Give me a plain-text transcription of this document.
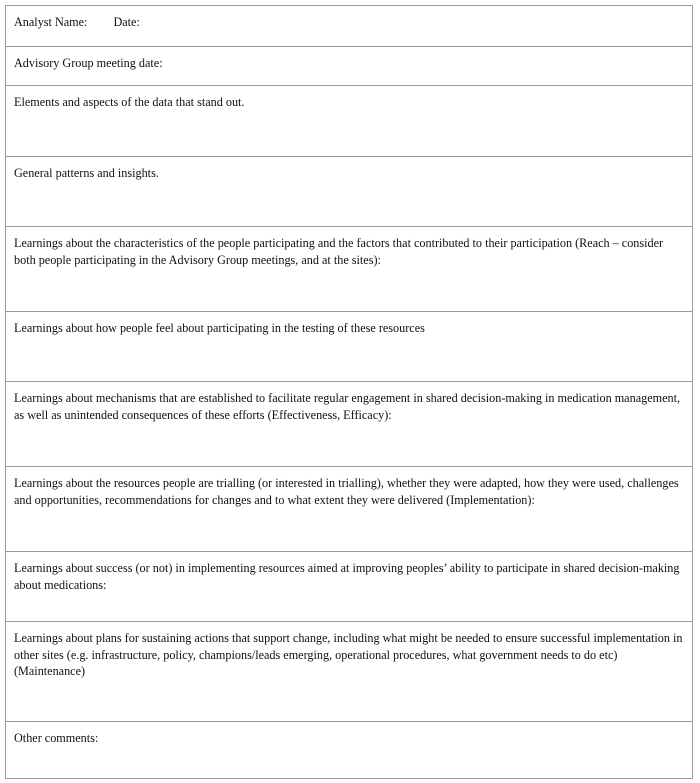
Analyst Name: Date:
Advisory Group meeting date:
Elements and aspects of the data that stand out.
General patterns and insights.
Learnings about the characteristics of the people participating and the factors that contributed to their participation (Reach – consider both people participating in the Advisory Group meetings, and at the sites):
Learnings about how people feel about participating in the testing of these resources
Learnings about mechanisms that are established to facilitate regular engagement in shared decision-making in medication management, as well as unintended consequences of these efforts (Effectiveness, Efficacy):
Learnings about the resources people are trialling (or interested in trialling), whether they were adapted, how they were used, challenges and opportunities, recommendations for changes and to what extent they were delivered (Implementation):
Learnings about success (or not) in implementing resources aimed at improving peoples’ ability to participate in shared decision-making about medications:
Learnings about plans for sustaining actions that support change, including what might be needed to ensure successful implementation in other sites (e.g. infrastructure, policy, champions/leads emerging, operational procedures, what government needs to do etc) (Maintenance)
Other comments:
